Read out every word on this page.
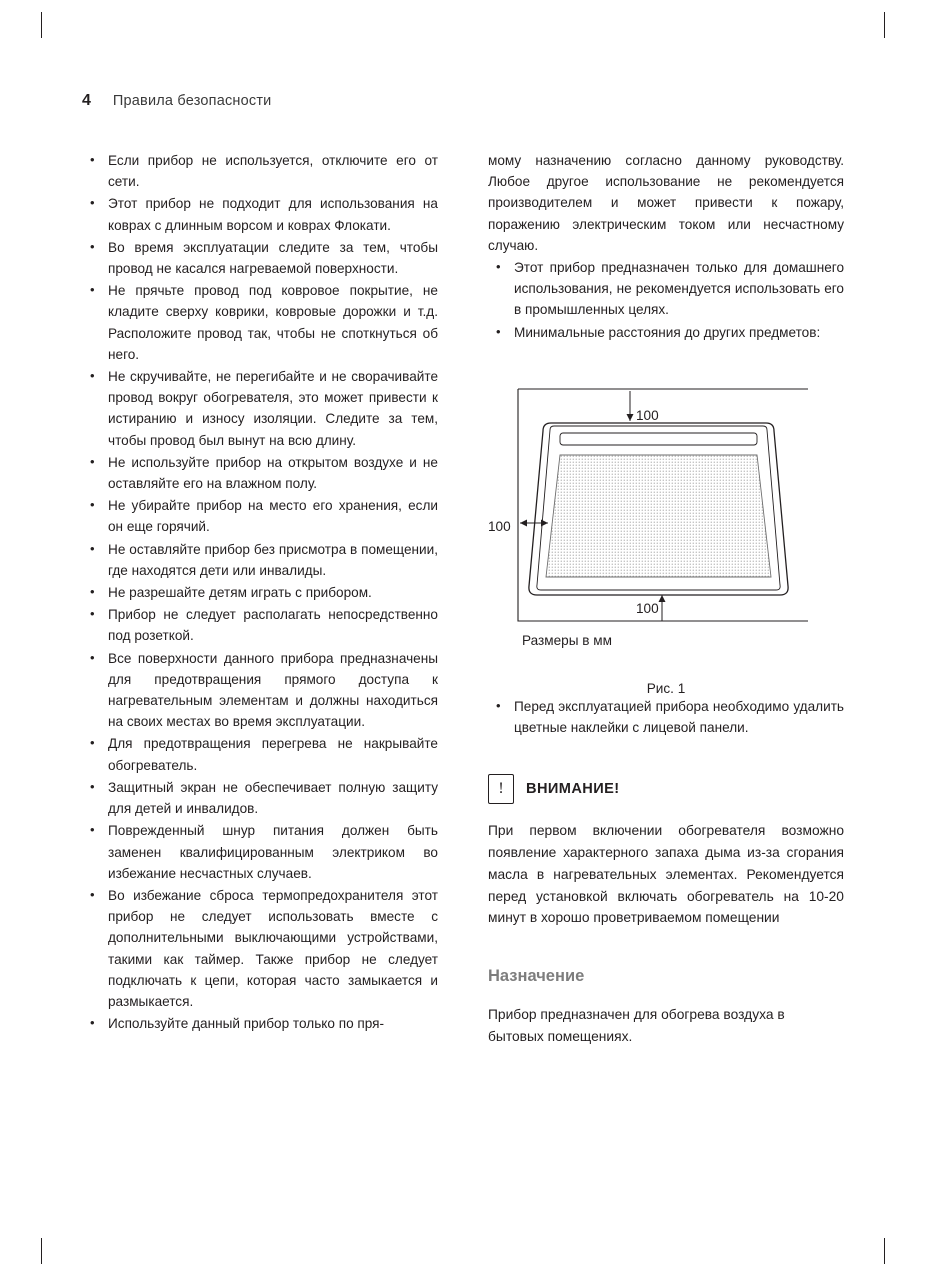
4 Правила безопасности
• Если прибор не используется, отключите его от сети.
• Этот прибор не подходит для использования на коврах с длинным ворсом и коврах Флокати.
• Во время эксплуатации следите за тем, чтобы провод не касался нагреваемой поверхности.
• Не прячьте провод под ковровое покрытие, не кладите сверху коврики, ковровые дорожки и т.д. Расположите провод так, чтобы не споткнуться об него.
• Не скручивайте, не перегибайте и не сворачивайте провод вокруг обогревателя, это может привести к истиранию и износу изоляции. Следите за тем, чтобы провод был вынут на всю длину.
• Не используйте прибор на открытом воздухе и не оставляйте его на влажном полу.
• Не убирайте прибор на место его хранения, если он еще горячий.
• Не оставляйте прибор без присмотра в помещении, где находятся дети или инвалиды.
• Не разрешайте детям играть с прибором.
• Прибор не следует располагать непосредственно под розеткой.
• Все поверхности данного прибора предназначены для предотвращения прямого доступа к нагревательным элементам и должны находиться на своих местах во время эксплуатации.
• Для предотвращения перегрева не накрывайте обогреватель.
• Защитный экран не обеспечивает полную защиту для детей и инвалидов.
• Поврежденный шнур питания должен быть заменен квалифицированным электриком во избежание несчастных случаев.
• Во избежание сброса термопредохранителя этот прибор не следует использовать вместе с дополнительными выключающими устройствами, такими как таймер. Также прибор не следует подключать к цепи, которая часто замыкается и размыкается.
• Используйте данный прибор только по пря-
мому назначению согласно данному руководству. Любое другое использование не рекомендуется производителем и может привести к пожару, поражению электрическим током или несчастному случаю.
• Этот прибор предназначен только для домашнего использования, не рекомендуется использовать его в промышленных целях.
• Минимальные расстояния до других предметов:
100
100
100
Размеры в мм
Рис. 1
• Перед эксплуатацией прибора необходимо удалить цветные наклейки с лицевой панели.
!	ВНИМАНИЕ!
При первом включении обогревателя возможно появление характерного запаха дыма из-за сгорания масла в нагревательных элементах. Рекомендуется перед установкой включать обогреватель на 10-20 минут в хорошо проветриваемом помещении
Назначение
Прибор предназначен для обогрева воздуха в бытовых помещениях.
